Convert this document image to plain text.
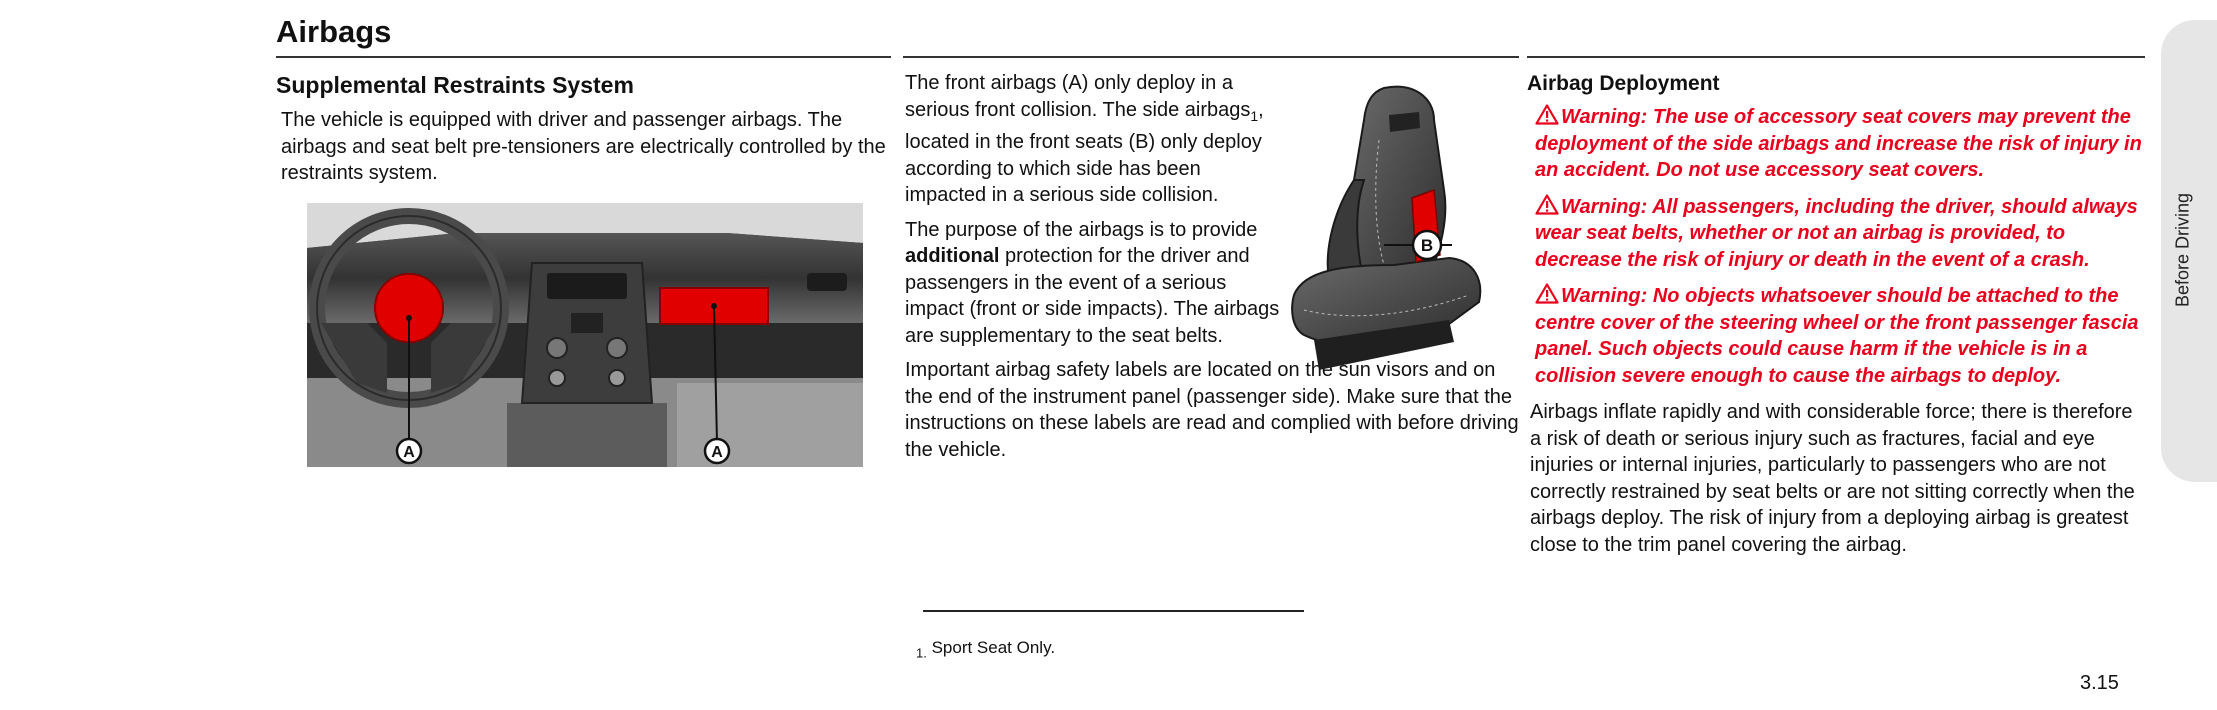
Airbags
Supplemental Restraints System

The vehicle is equipped with driver and passenger airbags. The airbags and seat belt pre-tensioners are electrically controlled by the restraints system.

A	A

The front airbags (A) only deploy in a serious front collision. The side airbags$_1$, located in the front seats (B) only deploy according to which side has been impacted in a serious side collision.

The purpose of the airbags is to provide additional protection for the driver and passengers in the event of a serious impact (front or side impacts). The airbags are supplementary to the seat belts.

Important airbag safety labels are located on the sun visors and on the end of the instrument panel (passenger side). Make sure that the instructions on these labels are read and complied with before driving the vehicle.

B
Airbag Deployment

Warning: The use of accessory seat covers may prevent the deployment of the side airbags and increase the risk of injury in an accident. Do not use accessory seat covers.

Warning: All passengers, including the driver, should always wear seat belts, whether or not an airbag is provided, to decrease the risk of injury or death in the event of a crash.

Warning: No objects whatsoever should be attached to the centre cover of the steering wheel or the front passenger fascia panel. Such objects could cause harm if the vehicle is in a collision severe enough to cause the airbags to deploy.

Airbags inflate rapidly and with considerable force; there is therefore a risk of death or serious injury such as fractures, facial and eye injuries or internal injuries, particularly to passengers who are not correctly restrained by seat belts or are not sitting correctly when the airbags deploy. The risk of injury from a deploying airbag is greatest close to the trim panel covering the airbag.

$_{1.}$ Sport Seat Only.
Before Driving
3.15
